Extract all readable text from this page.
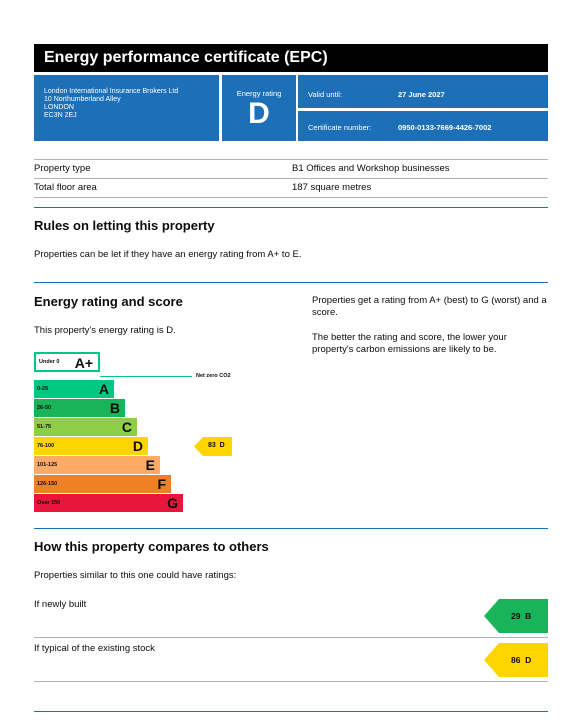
Energy performance certificate (EPC)
London International Insurance Brokers Ltd
10 Northumberland Alley
LONDON
EC3N 2EJ
Energy rating
D
Valid until:	27 June 2027
Certificate number:	0950-0133-7669-4426-7002
Property type	B1 Offices and Workshop businesses
Total floor area	187 square metres
Rules on letting this property
Properties can be let if they have an energy rating from A+ to E.
Energy rating and score
This property's energy rating is D.
Properties get a rating from A+ (best) to G (worst) and a score.
The better the rating and score, the lower your property's carbon emissions are likely to be.
Under 0 A+
Net zero CO2
0-25	A
26-50	B
51-75	C
76-100	D
101-125	E
126-150	F
Over 150	G
83  D
How this property compares to others
Properties similar to this one could have ratings:
If newly built
29  B
If typical of the existing stock
86  D
